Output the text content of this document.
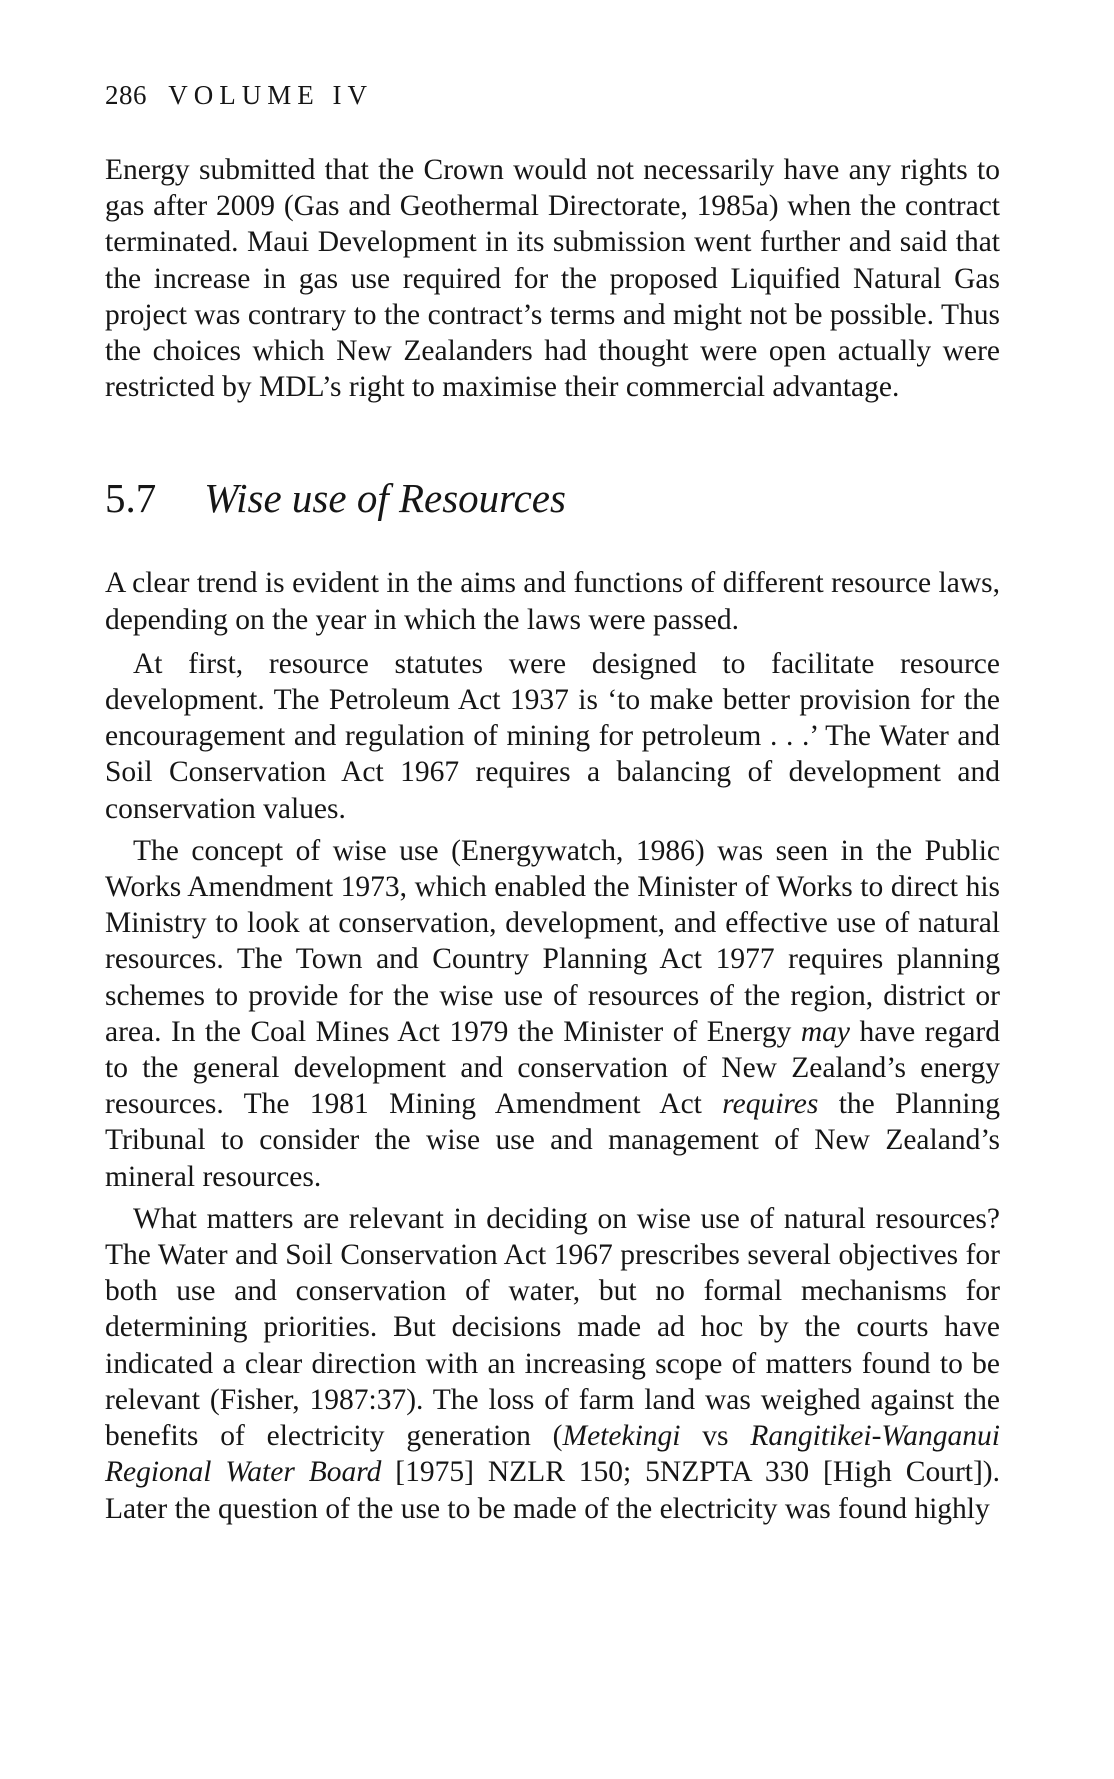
286 VOLUME IV

Energy submitted that the Crown would not necessarily have any rights to gas after 2009 (Gas and Geothermal Directorate, 1985a) when the contract terminated. Maui Development in its submission went further and said that the increase in gas use required for the proposed Liquified Natural Gas project was contrary to the contract’s terms and might not be possible. Thus the choices which New Zealanders had thought were open actually were restricted by MDL’s right to maximise their commercial advantage.

5.7 Wise use of Resources

A clear trend is evident in the aims and functions of different resource laws, depending on the year in which the laws were passed.

At first, resource statutes were designed to facilitate resource development. The Petroleum Act 1937 is ‘to make better provision for the encouragement and regulation of mining for petroleum . . .’ The Water and Soil Conservation Act 1967 requires a balancing of development and conservation values.

The concept of wise use (Energywatch, 1986) was seen in the Public Works Amendment 1973, which enabled the Minister of Works to direct his Ministry to look at conservation, development, and effective use of natural resources. The Town and Country Planning Act 1977 requires planning schemes to provide for the wise use of resources of the region, district or area. In the Coal Mines Act 1979 the Minister of Energy may have regard to the general development and conservation of New Zealand’s energy resources. The 1981 Mining Amendment Act requires the Planning Tribunal to consider the wise use and management of New Zealand’s mineral resources.

What matters are relevant in deciding on wise use of natural resources? The Water and Soil Conservation Act 1967 prescribes several objectives for both use and conservation of water, but no formal mechanisms for determining priorities. But decisions made ad hoc by the courts have indicated a clear direction with an increasing scope of matters found to be relevant (Fisher, 1987:37). The loss of farm land was weighed against the benefits of electricity generation (Metekingi vs Rangitikei-Wanganui Regional Water Board [1975] NZLR 150; 5NZPTA 330 [High Court]). Later the question of the use to be made of the electricity was found highly
